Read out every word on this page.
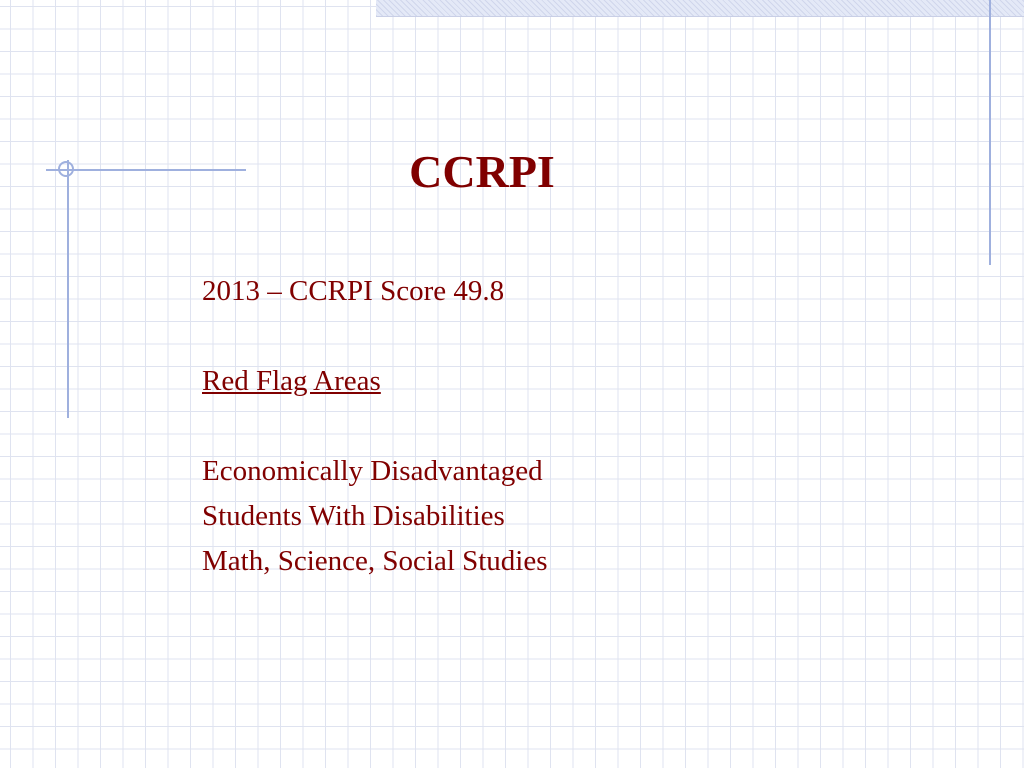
CCRPI
2013 – CCRPI Score 49.8
Red Flag Areas
Economically Disadvantaged
Students With Disabilities
Math, Science, Social Studies
